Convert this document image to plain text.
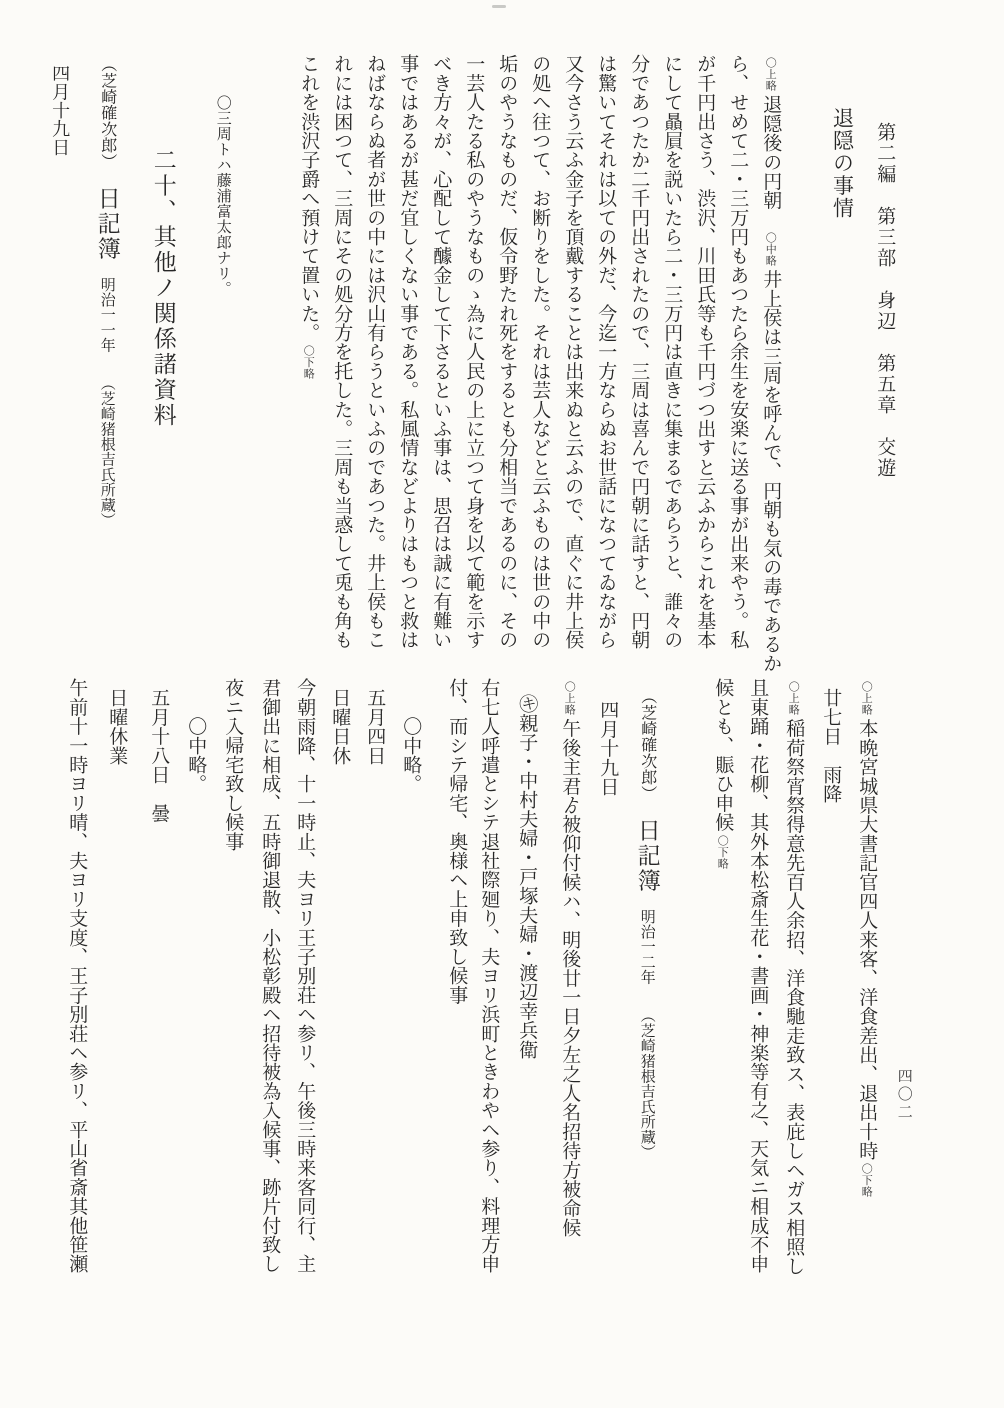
第二編　第三部　身辺　第五章　交遊
退隠の事情
〇三周トハ藤浦富太郎ナリ。
二十、其他ノ関係諸資料
四月十九日
四〇二
〇上略退隠後の円朝　〇中略井上侯は三周を呼んで、円朝も気の毒であるか
ら、せめて二・三万円もあつたら余生を安楽に送る事が出来やう。私
が千円出さう、渋沢、川田氏等も千円づつ出すと云ふからこれを基本
にして贔屓を説いたら二・三万円は直きに集まるであらうと、誰々の
分であつたか二千円出されたので、三周は喜んで円朝に話すと、円朝
は驚いてそれは以ての外だ、今迄一方ならぬお世話になつてゐながら
又今さう云ふ金子を頂戴することは出来ぬと云ふので、直ぐに井上侯
の処へ往つて、お断りをした。それは芸人などと云ふものは世の中の
垢のやうなものだ、仮令野たれ死をするとも分相当であるのに、その
一芸人たる私のやうなものゝ為に人民の上に立つて身を以て範を示す
べき方々が、心配して醵金して下さるといふ事は、思召は誠に有難い
事ではあるが甚だ宜しくない事である。私風情などよりはもつと救は
ねばならぬ者が世の中には沢山有らうといふのであつた。井上侯もこ
れには困つて、三周にその処分方を托した。三周も当惑して兎も角も
これを渋沢子爵へ預けて置いた。〇下略
（芝崎確次郎）　日記簿　明治一一年　　（芝崎猪根吉氏所蔵）
〇上略本晩宮城県大書記官四人来客、洋食差出、退出十時〇下略
廿七日　雨降
〇上略稲荷祭宵祭得意先百人余招、洋食馳走致ス、表庇しヘガス相照し
且東踊・花柳、其外本松斎生花・書画・神楽等有之、天気ニ相成不申
候とも、賑ひ申候〇下略
（芝崎確次郎）　日記簿　明治一二年　　（芝崎猪根吉氏所蔵）
四月十九日
〇上略午後主君ゟ被仰付候ハ、明後廿一日夕左之人名招待方被命候
㋖親子・中村夫婦・戸塚夫婦・渡辺幸兵衛
右七人呼遣とシテ退社際廻り、夫ヨリ浜町ときわやヘ参り、料理方申
付、而シテ帰宅、奥様ヘ上申致し候事
　　〇中略。
五月四日
日曜日休
今朝雨降、十一時止、夫ヨリ王子別荘ヘ参リ、午後三時来客同行、主
君御出に相成、五時御退散、小松彰殿ヘ招待被為入候事、跡片付致し
夜ニ入帰宅致し候事
　　〇中略。
五月十八日　曇
日曜休業
午前十一時ヨリ晴、夫ヨリ支度、王子別荘ヘ参リ、平山省斎其他笹瀬
